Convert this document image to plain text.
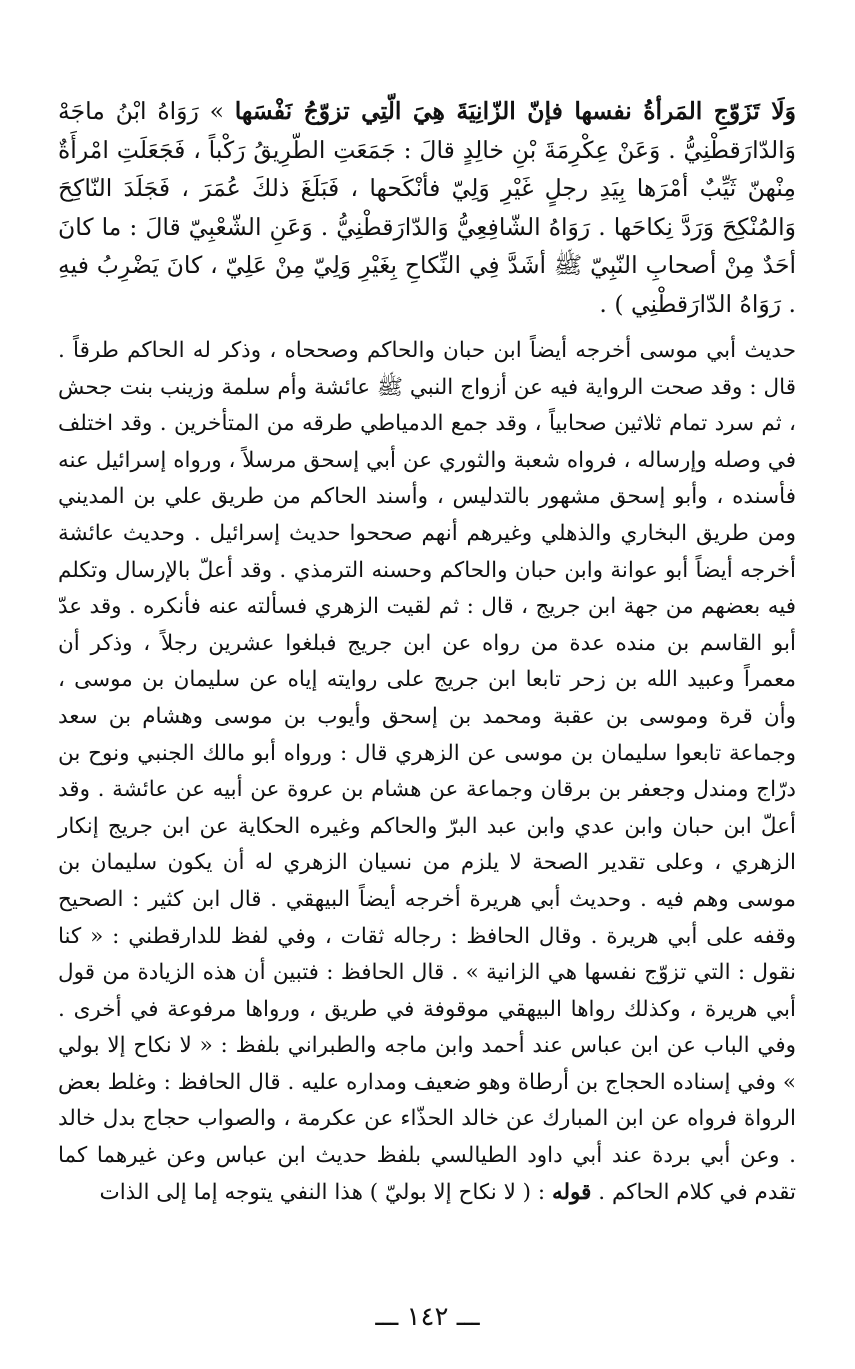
وَلَا تَزَوّجِ المَرأةُ نفسها فإنّ الزّانِيَةَ هِيَ الّتِي تزوّجُ نَفْسَها » رَوَاهُ ابْنُ ماجَهْ وَالدّارَقطْنِيُّ . وَعَنْ عِكْرِمَةَ بْنِ خالِدٍ قالَ : جَمَعَتِ الطّرِيقُ رَكْباً ، فَجَعَلَتِ امْرأَةٌ مِنْهنّ ثَيِّبٌ أمْرَها بِيَدِ رجلٍ غَيْرِ وَلِيّ فأنْكَحها ، فَبَلَغَ ذلكَ عُمَرَ ، فَجَلَدَ النّاكِحَ وَالمُنْكِحَ وَرَدَّ نِكاحَها . رَوَاهُ الشّافِعِيُّ وَالدّارَقطْنِيُّ . وَعَنِ الشّعْبِيّ قالَ : ما كانَ أحَدٌ مِنْ أصحابِ النّبِيّ ﷺ أشَدَّ فِي النِّكاحِ بِغَيْرِ وَلِيّ مِنْ عَلِيّ ، كانَ يَضْرِبُ فيهِ . رَوَاهُ الدّارَقطْنِي ) .

حديث أبي موسى أخرجه أيضاً ابن حبان والحاكم وصححاه ، وذكر له الحاكم طرقاً . قال : وقد صحت الرواية فيه عن أزواج النبي ﷺ عائشة وأم سلمة وزينب بنت جحش ، ثم سرد تمام ثلاثين صحابياً ، وقد جمع الدمياطي طرقه من المتأخرين . وقد اختلف في وصله وإرساله ، فرواه شعبة والثوري عن أبي إسحق مرسلاً ، ورواه إسرائيل عنه فأسنده ، وأبو إسحق مشهور بالتدليس ، وأسند الحاكم من طريق علي بن المديني ومن طريق البخاري والذهلي وغيرهم أنهم صححوا حديث إسرائيل . وحديث عائشة أخرجه أيضاً أبو عوانة وابن حبان والحاكم وحسنه الترمذي . وقد أعلّ بالإرسال وتكلم فيه بعضهم من جهة ابن جريج ، قال : ثم لقيت الزهري فسألته عنه فأنكره . وقد عدّ أبو القاسم بن منده عدة من رواه عن ابن جريج فبلغوا عشرين رجلاً ، وذكر أن معمراً وعبيد الله بن زحر تابعا ابن جريج على روايته إياه عن سليمان بن موسى ، وأن قرة وموسى بن عقبة ومحمد بن إسحق وأيوب بن موسى وهشام بن سعد وجماعة تابعوا سليمان بن موسى عن الزهري قال : ورواه أبو مالك الجنبي ونوح بن درّاج ومندل وجعفر بن برقان وجماعة عن هشام بن عروة عن أبيه عن عائشة . وقد أعلّ ابن حبان وابن عدي وابن عبد البرّ والحاكم وغيره الحكاية عن ابن جريج إنكار الزهري ، وعلى تقدير الصحة لا يلزم من نسيان الزهري له أن يكون سليمان بن موسى وهم فيه . وحديث أبي هريرة أخرجه أيضاً البيهقي . قال ابن كثير : الصحيح وقفه على أبي هريرة . وقال الحافظ : رجاله ثقات ، وفي لفظ للدارقطني : « كنا نقول : التي تزوّج نفسها هي الزانية » . قال الحافظ : فتبين أن هذه الزيادة من قول أبي هريرة ، وكذلك رواها البيهقي موقوفة في طريق ، ورواها مرفوعة في أخرى . وفي الباب عن ابن عباس عند أحمد وابن ماجه والطبراني بلفظ : « لا نكاح إلا بولي » وفي إسناده الحجاج بن أرطاة وهو ضعيف ومداره عليه . قال الحافظ : وغلط بعض الرواة فرواه عن ابن المبارك عن خالد الحذّاء عن عكرمة ، والصواب حجاج بدل خالد . وعن أبي بردة عند أبي داود الطيالسي بلفظ حديث ابن عباس وعن غيرهما كما تقدم في كلام الحاكم . قوله : ( لا نكاح إلا بوليّ ) هذا النفي يتوجه إما إلى الذات

ـــ ١٤٢ ـــ
